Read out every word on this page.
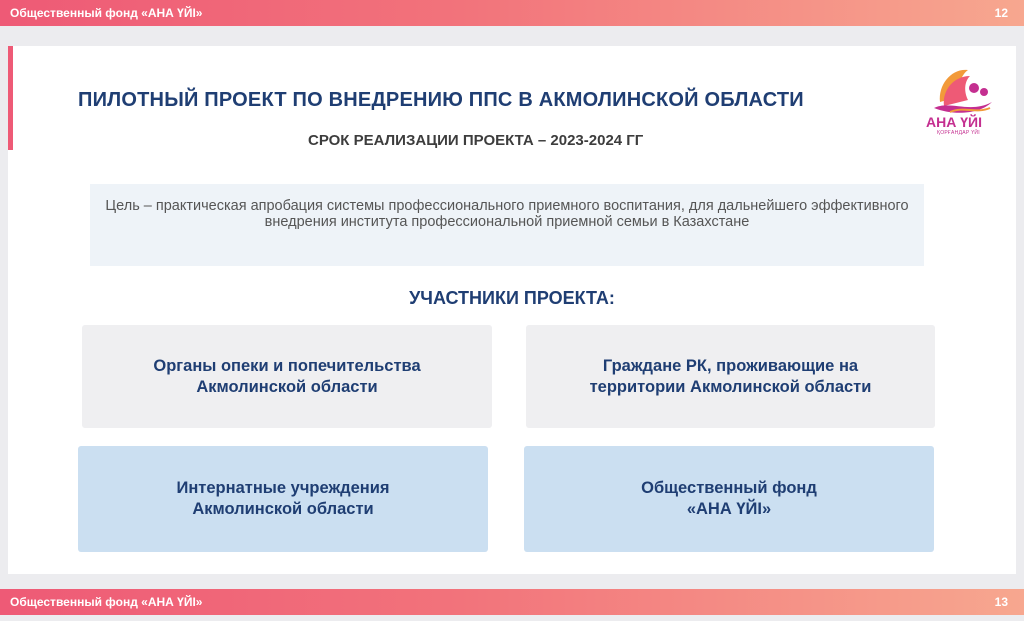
Общественный фонд «АНА ҮЙІ»	12
ПИЛОТНЫЙ ПРОЕКТ ПО ВНЕДРЕНИЮ ППС В АКМОЛИНСКОЙ ОБЛАСТИ
СРОК РЕАЛИЗАЦИИ ПРОЕКТА – 2023-2024 ГГ
АНА ҮЙІ
ҚОРҒАНДАР ҮЙІ
Цель – практическая апробация системы профессионального приемного воспитания, для дальнейшего эффективного внедрения института профессиональной приемной семьи в Казахстане
УЧАСТНИКИ ПРОЕКТА:
Органы опеки и попечительства
Акмолинской области
Граждане РК, проживающие на
территории Акмолинской области
Интернатные учреждения
Акмолинской области
Общественный фонд
«АНА ҮЙІ»
Общественный фонд «АНА ҮЙІ»	13
